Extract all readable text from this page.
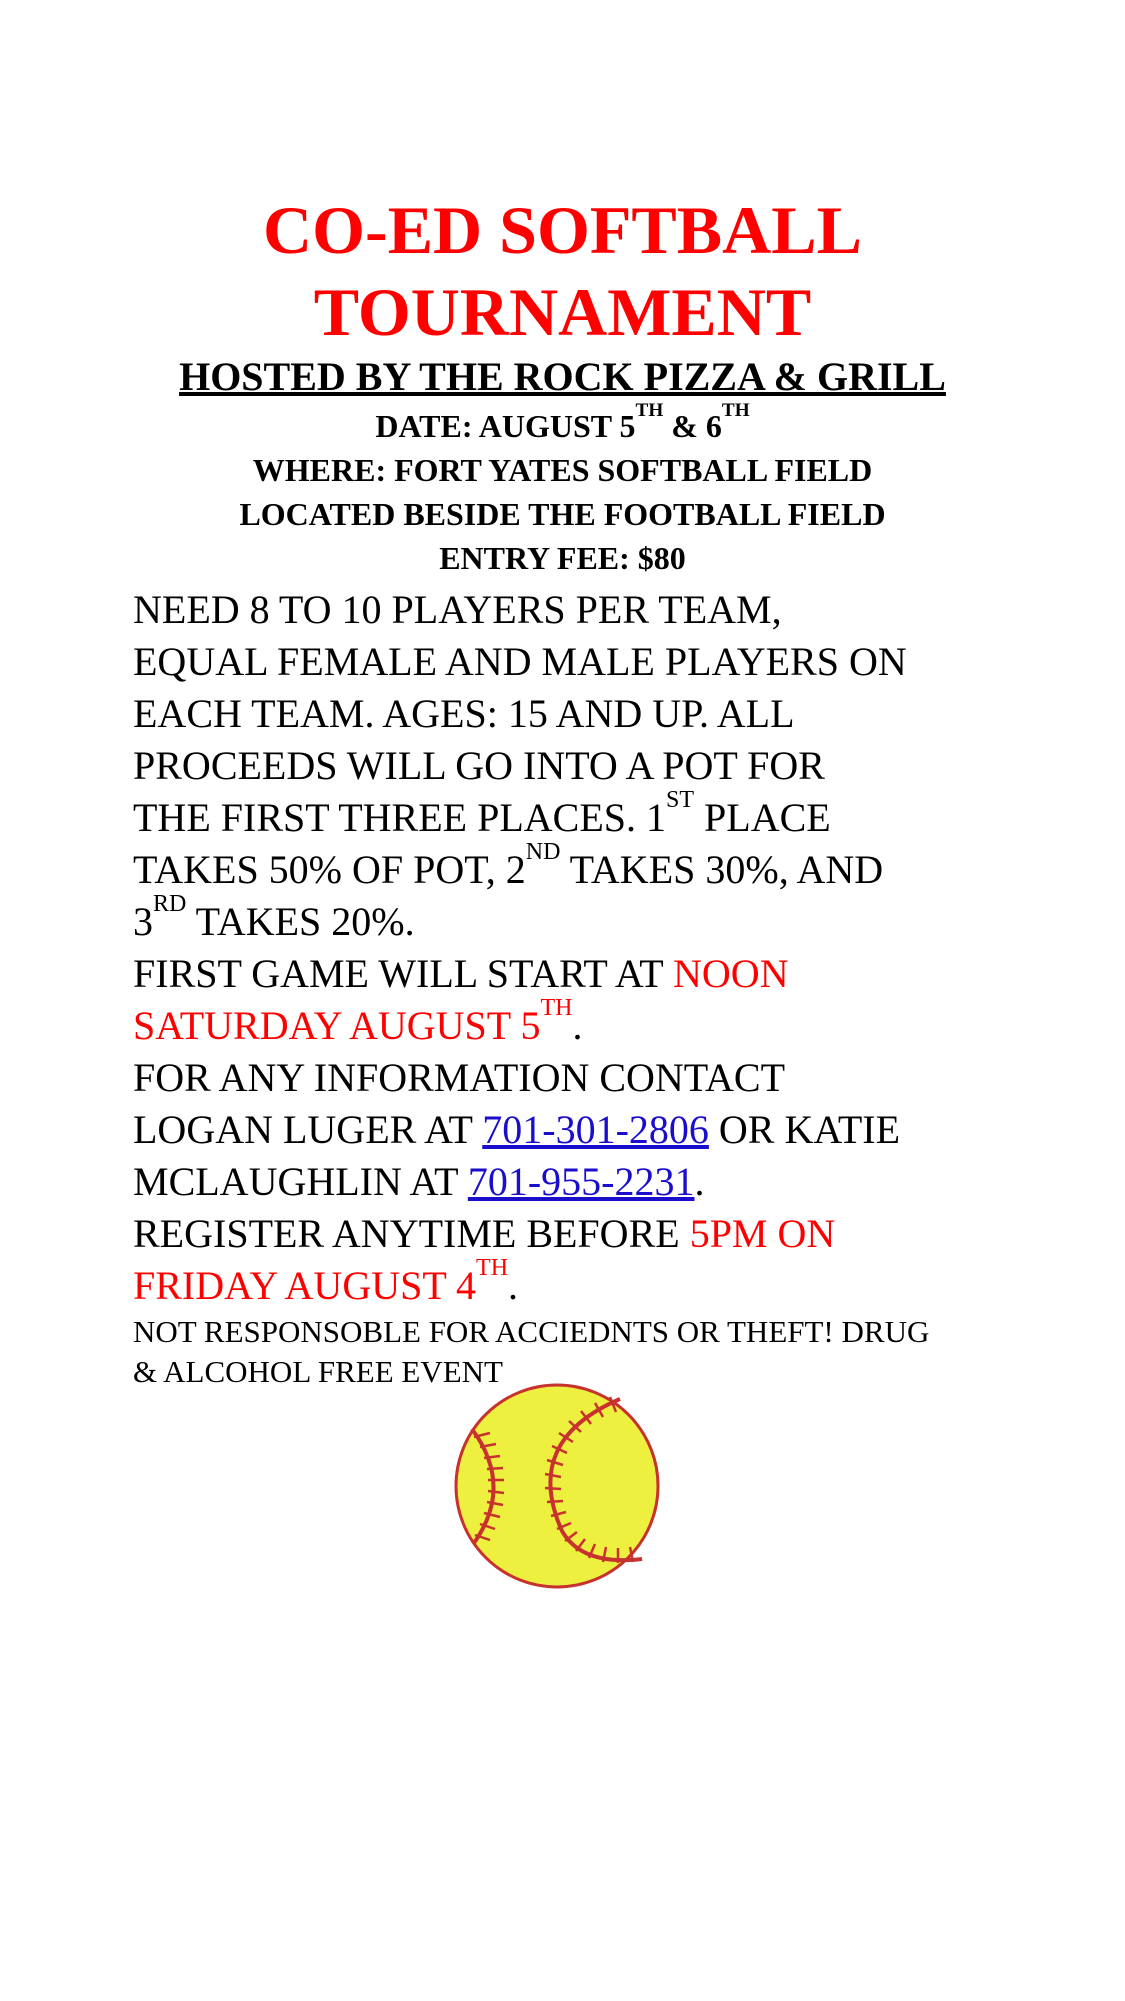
CO-ED SOFTBALL
TOURNAMENT
HOSTED BY THE ROCK PIZZA & GRILL
DATE: AUGUST 5TH & 6TH
WHERE: FORT YATES SOFTBALL FIELD
LOCATED BESIDE THE FOOTBALL FIELD
ENTRY FEE: $80
NEED 8 TO 10 PLAYERS PER TEAM,
EQUAL FEMALE AND MALE PLAYERS ON
EACH TEAM. AGES: 15 AND UP. ALL
PROCEEDS WILL GO INTO A POT FOR
THE FIRST THREE PLACES. 1ST PLACE
TAKES 50% OF POT, 2ND TAKES 30%, AND
3RD TAKES 20%.
FIRST GAME WILL START AT NOON
SATURDAY AUGUST 5TH.
FOR ANY INFORMATION CONTACT
LOGAN LUGER AT 701-301-2806 OR KATIE
MCLAUGHLIN AT 701-955-2231.
REGISTER ANYTIME BEFORE 5PM ON
FRIDAY AUGUST 4TH.
NOT RESPONSOBLE FOR ACCIEDNTS OR THEFT! DRUG
& ALCOHOL FREE EVENT
